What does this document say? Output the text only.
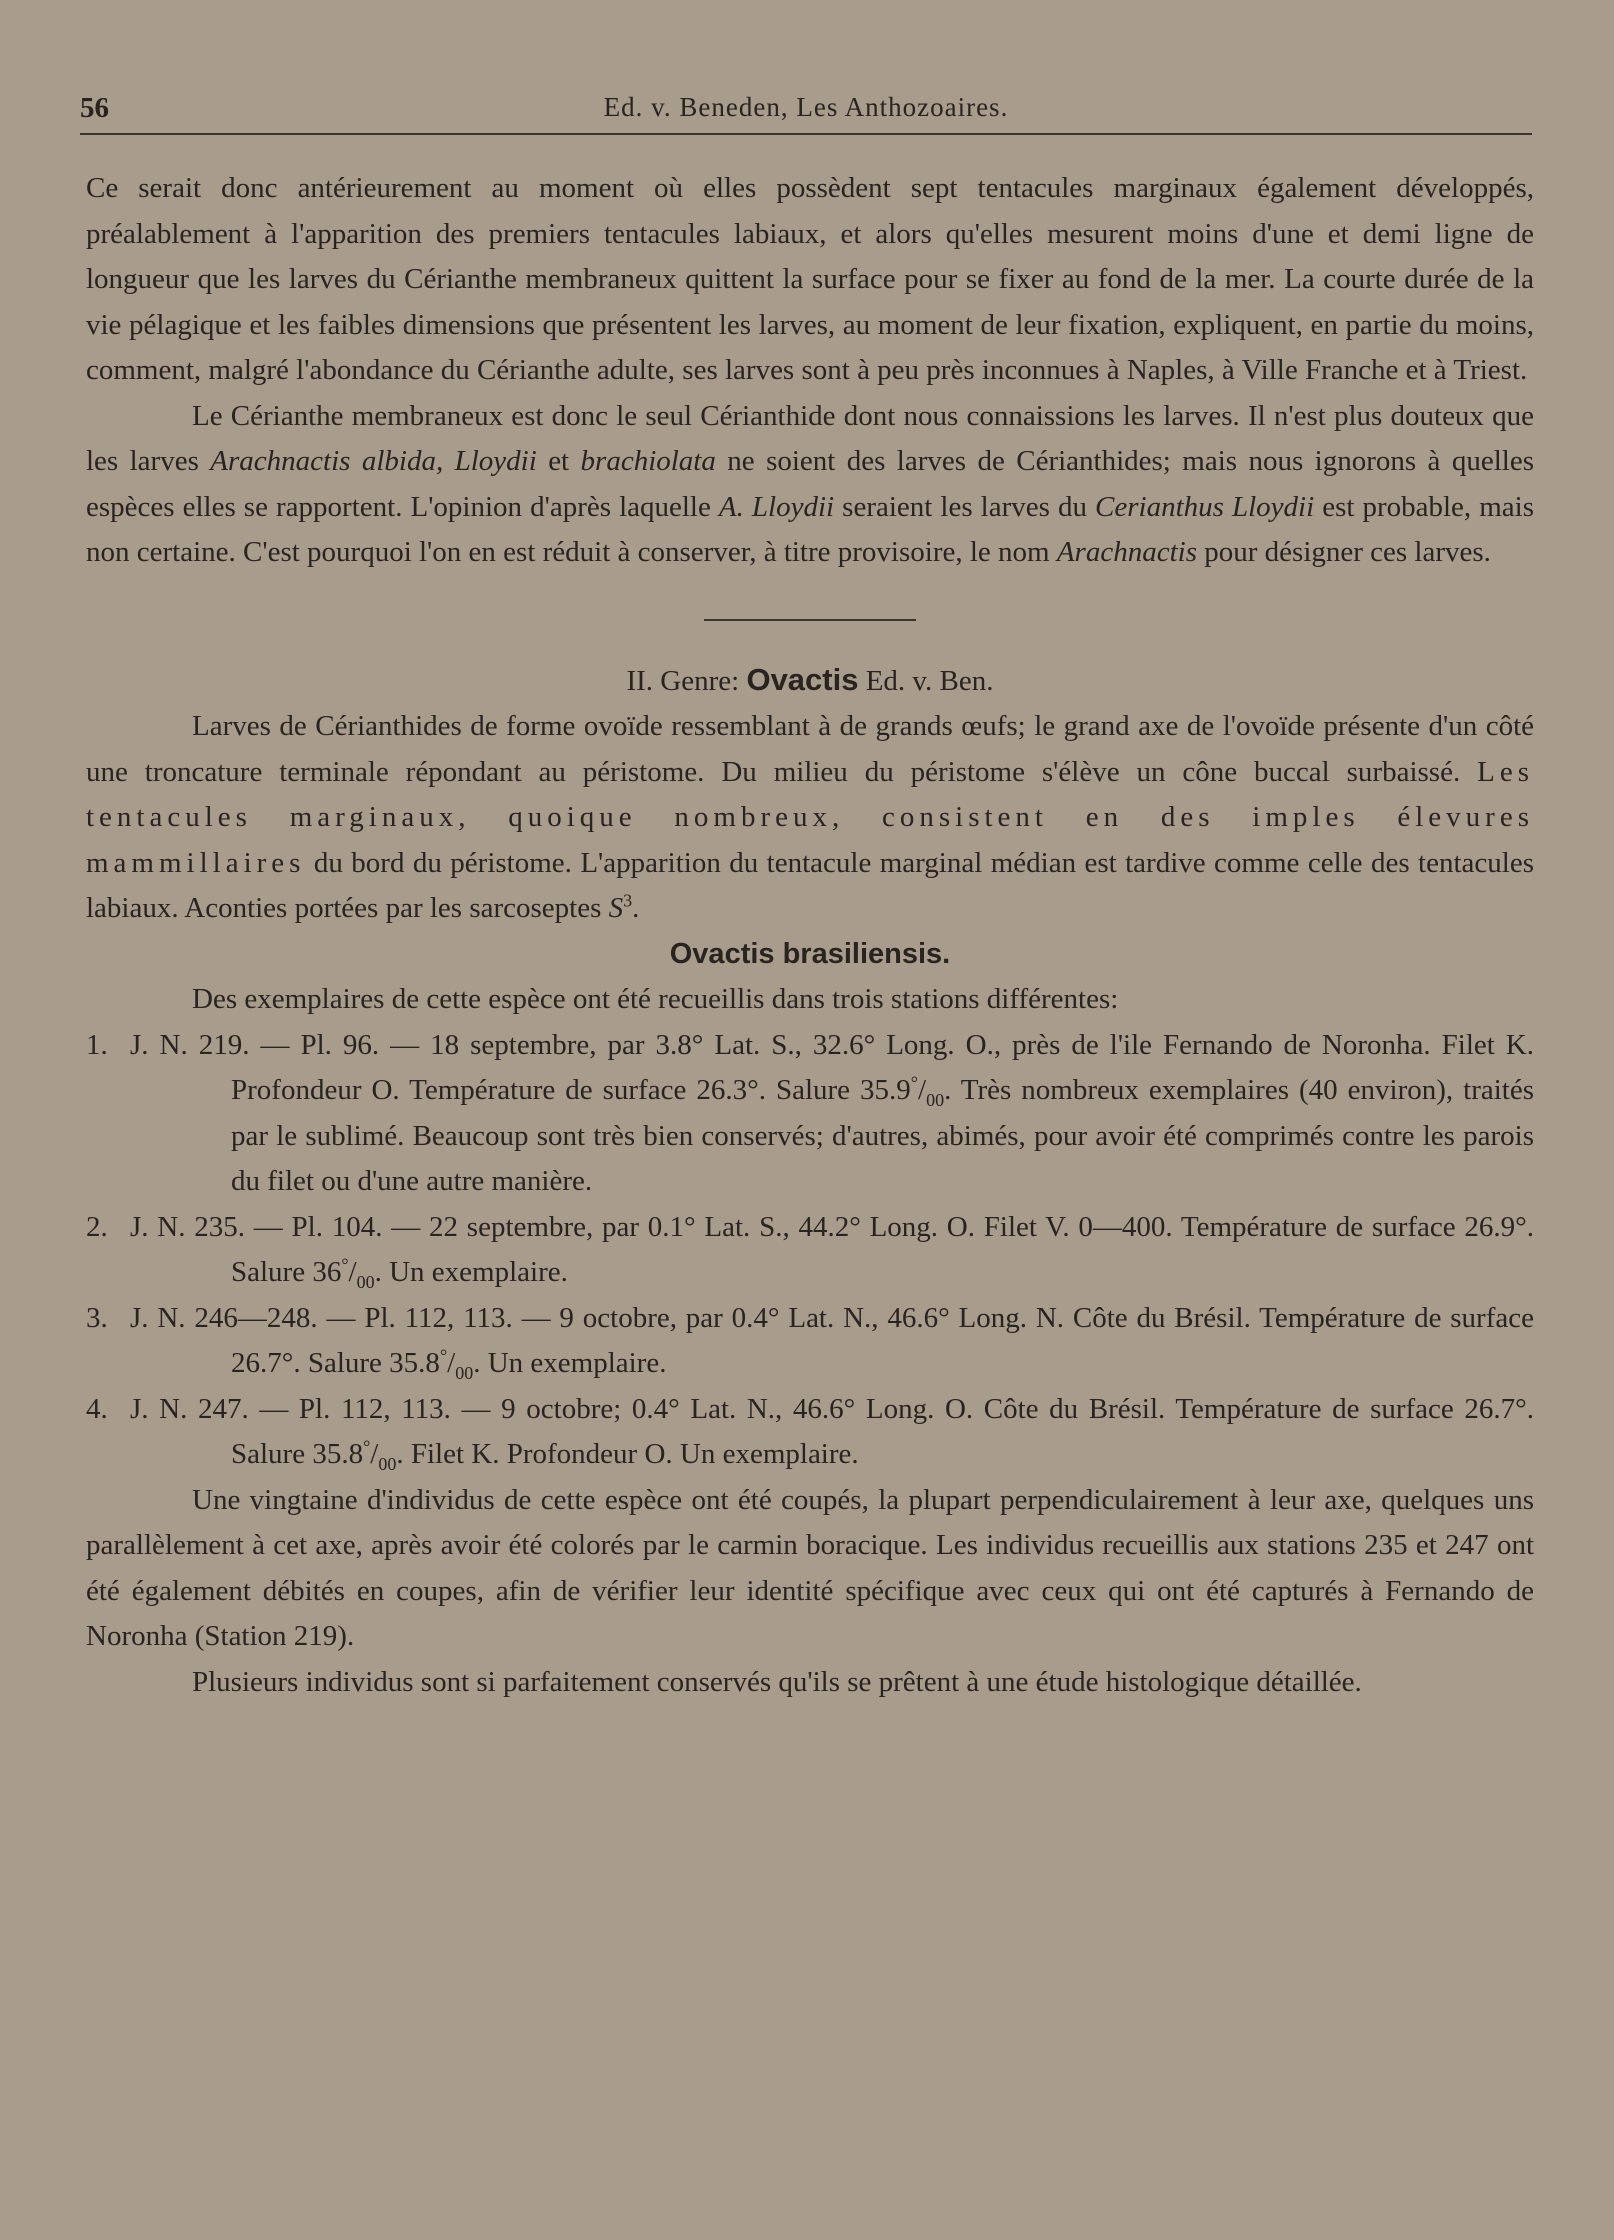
56	Ed. v. Beneden, Les Anthozoaires.

Ce serait donc antérieurement au moment où elles possèdent sept tentacules marginaux également développés, préalablement à l'apparition des premiers tentacules labiaux, et alors qu'elles mesurent moins d'une et demi ligne de longueur que les larves du Cérianthe membraneux quittent la surface pour se fixer au fond de la mer. La courte durée de la vie pélagique et les faibles dimensions que présentent les larves, au moment de leur fixation, expliquent, en partie du moins, comment, malgré l'abondance du Cérianthe adulte, ses larves sont à peu près inconnues à Naples, à Ville Franche et à Triest.

Le Cérianthe membraneux est donc le seul Cérianthide dont nous connaissions les larves. Il n'est plus douteux que les larves Arachnactis albida, Lloydii et brachiolata ne soient des larves de Cérianthides; mais nous ignorons à quelles espèces elles se rapportent. L'opinion d'après laquelle A. Lloydii seraient les larves du Cerianthus Lloydii est probable, mais non certaine. C'est pourquoi l'on en est réduit à conserver, à titre provisoire, le nom Arachnactis pour désigner ces larves.

II. Genre: Ovactis Ed. v. Ben.

Larves de Cérianthides de forme ovoïde ressemblant à de grands œufs; le grand axe de l'ovoïde présente d'un côté une troncature terminale répondant au péristome. Du milieu du péristome s'élève un cône buccal surbaissé. Les tentacules marginaux, quoique nombreux, consistent en des imples élevures mammillaires du bord du péristome. L'apparition du tentacule marginal médian est tardive comme celle des tentacules labiaux. Aconties portées par les sarcoseptes $S^3$.

Ovactis brasiliensis.

Des exemplaires de cette espèce ont été recueillis dans trois stations différentes:

1. J. N. 219. — Pl. 96. — 18 septembre, par 3.8° Lat. S., 32.6° Long. O., près de l'ile Fernando de Noronha. Filet K. Profondeur O. Température de surface 26.3°. Salure $35.9^\circ/_{00}$. Très nombreux exemplaires (40 environ), traités par le sublimé. Beaucoup sont très bien conservés; d'autres, abimés, pour avoir été comprimés contre les parois du filet ou d'une autre manière.

2. J. N. 235. — Pl. 104. — 22 septembre, par 0.1° Lat. S., 44.2° Long. O. Filet V. 0—400. Température de surface 26.9°. Salure $36^\circ/_{00}$. Un exemplaire.

3. J. N. 246—248. — Pl. 112, 113. — 9 octobre, par 0.4° Lat. N., 46.6° Long. N. Côte du Brésil. Température de surface 26.7°. Salure $35.8^\circ/_{00}$. Un exemplaire.

4. J. N. 247. — Pl. 112, 113. — 9 octobre; 0.4° Lat. N., 46.6° Long. O. Côte du Brésil. Température de surface 26.7°. Salure $35.8^\circ/_{00}$. Filet K. Profondeur O. Un exemplaire.

Une vingtaine d'individus de cette espèce ont été coupés, la plupart perpendiculairement à leur axe, quelques uns parallèlement à cet axe, après avoir été colorés par le carmin boracique. Les individus recueillis aux stations 235 et 247 ont été également débités en coupes, afin de vérifier leur identité spécifique avec ceux qui ont été capturés à Fernando de Noronha (Station 219).

Plusieurs individus sont si parfaitement conservés qu'ils se prêtent à une étude histologique détaillée.
